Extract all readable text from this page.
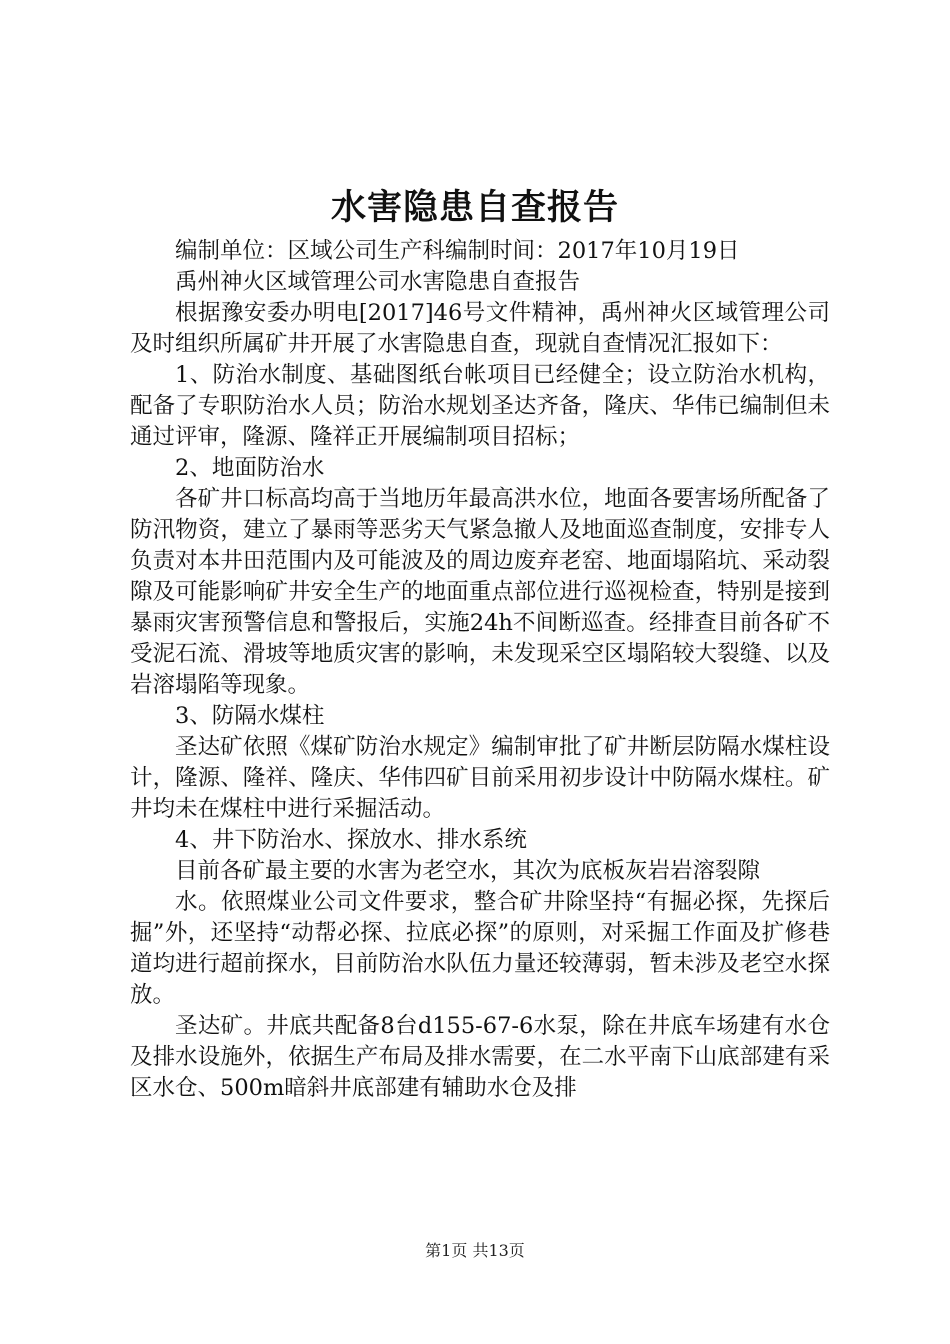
水害隐患自查报告

编制单位：区域公司生产科编制时间：2017年10月19日

禹州神火区域管理公司水害隐患自查报告

根据豫安委办明电[2017]46号文件精神，禹州神火区域管理公司及时组织所属矿井开展了水害隐患自查，现就自查情况汇报如下：

1、防治水制度、基础图纸台帐项目已经健全；设立防治水机构，配备了专职防治水人员；防治水规划圣达齐备，隆庆、华伟已编制但未通过评审，隆源、隆祥正开展编制项目招标；

2、地面防治水

各矿井口标高均高于当地历年最高洪水位，地面各要害场所配备了防汛物资，建立了暴雨等恶劣天气紧急撤人及地面巡查制度，安排专人负责对本井田范围内及可能波及的周边废弃老窑、地面塌陷坑、采动裂隙及可能影响矿井安全生产的地面重点部位进行巡视检查，特别是接到暴雨灾害预警信息和警报后，实施24h不间断巡查。经排查目前各矿不受泥石流、滑坡等地质灾害的影响，未发现采空区塌陷较大裂缝、以及岩溶塌陷等现象。

3、防隔水煤柱

圣达矿依照《煤矿防治水规定》编制审批了矿井断层防隔水煤柱设计，隆源、隆祥、隆庆、华伟四矿目前采用初步设计中防隔水煤柱。矿井均未在煤柱中进行采掘活动。

4、井下防治水、探放水、排水系统

目前各矿最主要的水害为老空水，其次为底板灰岩岩溶裂隙

水。依照煤业公司文件要求，整合矿井除坚持“有掘必探，先探后掘”外，还坚持“动帮必探、拉底必探”的原则，对采掘工作面及扩修巷道均进行超前探水，目前防治水队伍力量还较薄弱，暂未涉及老空水探放。

圣达矿。井底共配备8台d155-67-6水泵，除在井底车场建有水仓及排水设施外，依据生产布局及排水需要，在二水平南下山底部建有采区水仓、500m暗斜井底部建有辅助水仓及排

第1页 共13页
